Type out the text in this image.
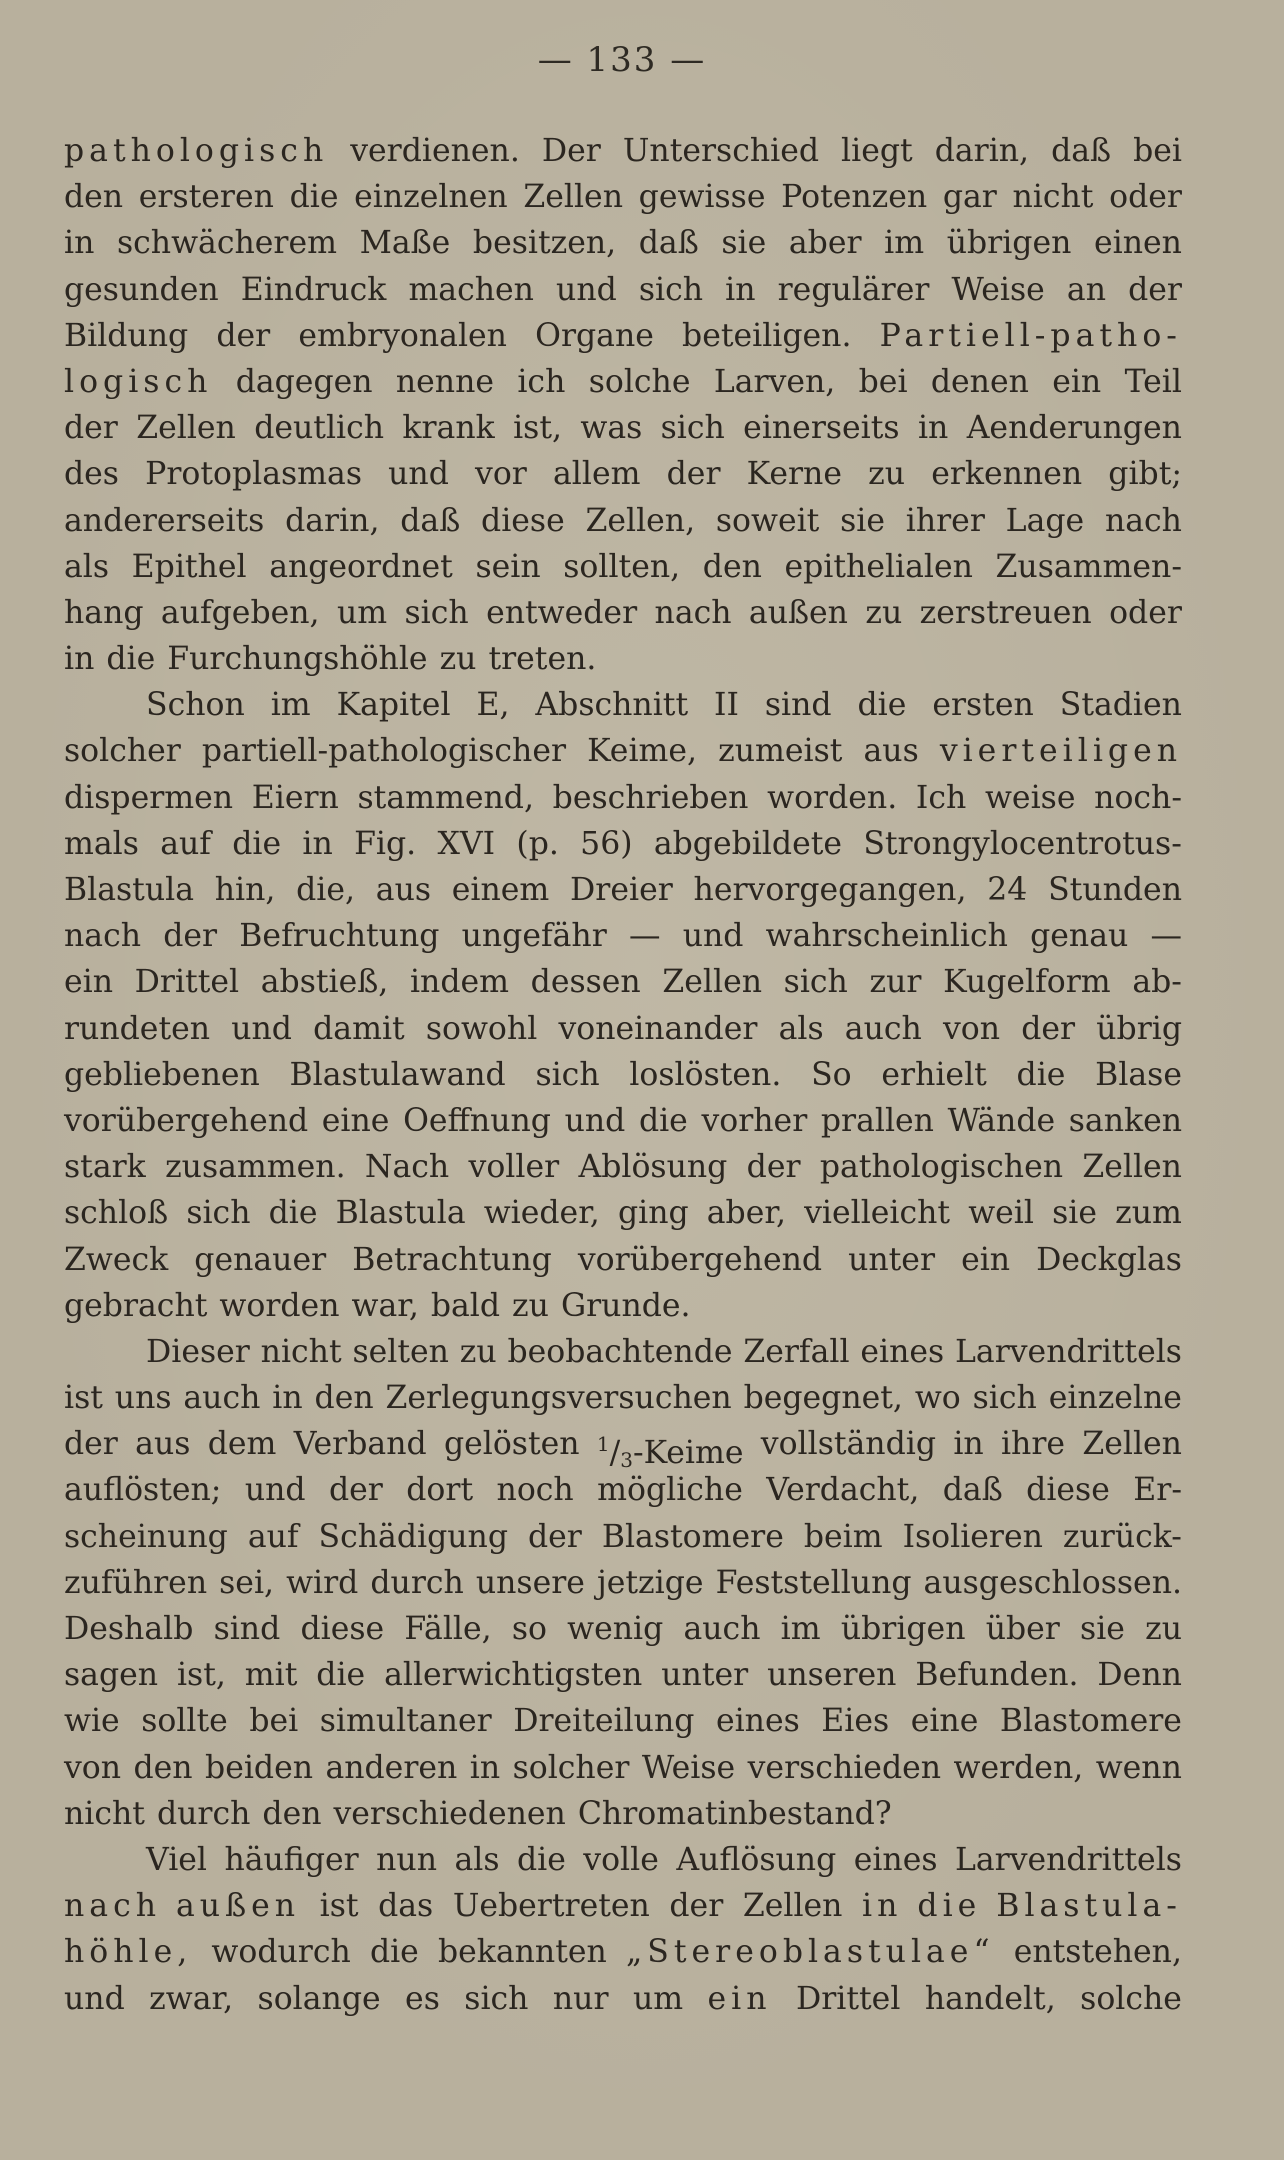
— 133 —
pathologisch verdienen. Der Unterschied liegt darin, daß bei
den ersteren die einzelnen Zellen gewisse Potenzen gar nicht oder
in schwächerem Maße besitzen, daß sie aber im übrigen einen
gesunden Eindruck machen und sich in regulärer Weise an der
Bildung der embryonalen Organe beteiligen. Partiell-patho-
logisch dagegen nenne ich solche Larven, bei denen ein Teil
der Zellen deutlich krank ist, was sich einerseits in Aenderungen
des Protoplasmas und vor allem der Kerne zu erkennen gibt;
andererseits darin, daß diese Zellen, soweit sie ihrer Lage nach
als Epithel angeordnet sein sollten, den epithelialen Zusammen-
hang aufgeben, um sich entweder nach außen zu zerstreuen oder
in die Furchungshöhle zu treten.
Schon im Kapitel E, Abschnitt II sind die ersten Stadien
solcher partiell-pathologischer Keime, zumeist aus vierteiligen
dispermen Eiern stammend, beschrieben worden. Ich weise noch-
mals auf die in Fig. XVI (p. 56) abgebildete Strongylocentrotus-
Blastula hin, die, aus einem Dreier hervorgegangen, 24 Stunden
nach der Befruchtung ungefähr — und wahrscheinlich genau —
ein Drittel abstieß, indem dessen Zellen sich zur Kugelform ab-
rundeten und damit sowohl voneinander als auch von der übrig
gebliebenen Blastulawand sich loslösten. So erhielt die Blase
vorübergehend eine Oeffnung und die vorher prallen Wände sanken
stark zusammen. Nach voller Ablösung der pathologischen Zellen
schloß sich die Blastula wieder, ging aber, vielleicht weil sie zum
Zweck genauer Betrachtung vorübergehend unter ein Deckglas
gebracht worden war, bald zu Grunde.
Dieser nicht selten zu beobachtende Zerfall eines Larvendrittels
ist uns auch in den Zerlegungsversuchen begegnet, wo sich einzelne
der aus dem Verband gelösten $^1$/3-Keime vollständig in ihre Zellen
auflösten; und der dort noch mögliche Verdacht, daß diese Er-
scheinung auf Schädigung der Blastomere beim Isolieren zurück-
zuführen sei, wird durch unsere jetzige Feststellung ausgeschlossen.
Deshalb sind diese Fälle, so wenig auch im übrigen über sie zu
sagen ist, mit die allerwichtigsten unter unseren Befunden. Denn
wie sollte bei simultaner Dreiteilung eines Eies eine Blastomere
von den beiden anderen in solcher Weise verschieden werden, wenn
nicht durch den verschiedenen Chromatinbestand?
Viel häufiger nun als die volle Auflösung eines Larvendrittels
nach außen ist das Uebertreten der Zellen in die Blastula-
höhle, wodurch die bekannten „Stereoblastulae“ entstehen,
und zwar, solange es sich nur um ein Drittel handelt, solche
